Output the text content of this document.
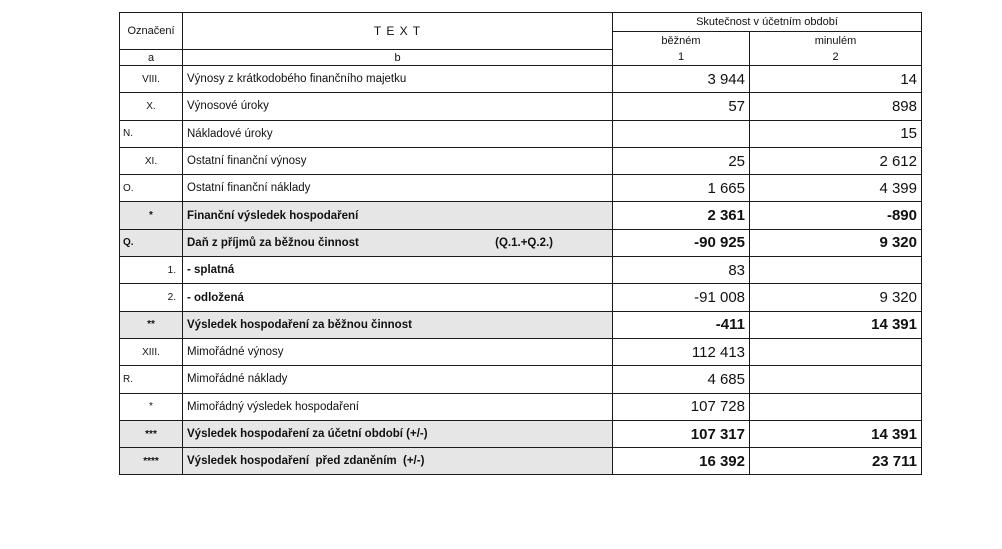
Označení	T E X T	Skutečnost v účetním období	
		běžném	minulém
a	b	1	2
VIII.	Výnosy z krátkodobého finančního majetku	3 944	14
X.	Výnosové úroky	57	898
N.	Nákladové úroky		15
XI.	Ostatní finanční výnosy	25	2 612
O.	Ostatní finanční náklady	1 665	4 399
*	Finanční výsledek hospodaření	2 361	-890
Q.	Daň z příjmů za běžnou činnost (Q.1.+Q.2.)	-90 925	9 320
1.	- splatná	83	
2.	- odložená	-91 008	9 320
**	Výsledek hospodaření za běžnou činnost	-411	14 391
XIII.	Mimořádné výnosy	112 413	
R.	Mimořádné náklady	4 685	
*	Mimořádný výsledek hospodaření	107 728	
***	Výsledek hospodaření za účetní období (+/-)	107 317	14 391
****	Výsledek hospodaření  před zdaněním  (+/-)	16 392	23 711
